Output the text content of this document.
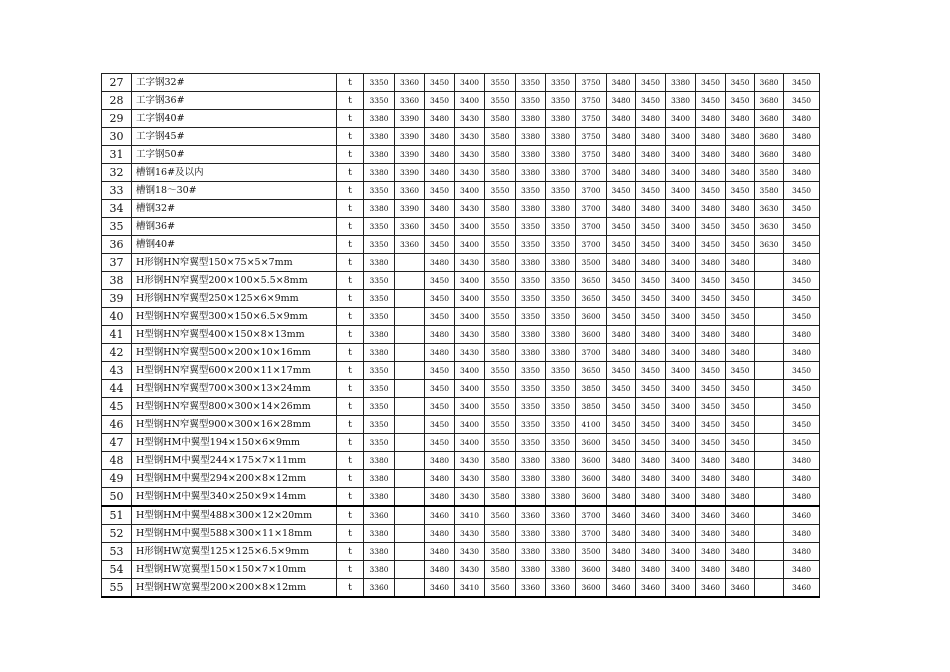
27	工字钢32#	t	3350	3360	3450	3400	3550	3350	3350	3750	3480	3450	3380	3450	3450	3680	3450
28	工字钢36#	t	3350	3360	3450	3400	3550	3350	3350	3750	3480	3450	3380	3450	3450	3680	3450
29	工字钢40#	t	3380	3390	3480	3430	3580	3380	3380	3750	3480	3480	3400	3480	3480	3680	3480
30	工字钢45#	t	3380	3390	3480	3430	3580	3380	3380	3750	3480	3480	3400	3480	3480	3680	3480
31	工字钢50#	t	3380	3390	3480	3430	3580	3380	3380	3750	3480	3480	3400	3480	3480	3680	3480
32	槽钢16#及以内	t	3380	3390	3480	3430	3580	3380	3380	3700	3480	3480	3400	3480	3480	3580	3480
33	槽钢18～30#	t	3350	3360	3450	3400	3550	3350	3350	3700	3450	3450	3400	3450	3450	3580	3450
34	槽钢32#	t	3380	3390	3480	3430	3580	3380	3380	3700	3480	3480	3400	3480	3480	3630	3450
35	槽钢36#	t	3350	3360	3450	3400	3550	3350	3350	3700	3450	3450	3400	3450	3450	3630	3450
36	槽钢40#	t	3350	3360	3450	3400	3550	3350	3350	3700	3450	3450	3400	3450	3450	3630	3450
37	H形钢HN窄翼型150×75×5×7mm	t	3380		3480	3430	3580	3380	3380	3500	3480	3480	3400	3480	3480		3480
38	H形钢HN窄翼型200×100×5.5×8mm	t	3350		3450	3400	3550	3350	3350	3650	3450	3450	3400	3450	3450		3450
39	H形钢HN窄翼型250×125×6×9mm	t	3350		3450	3400	3550	3350	3350	3650	3450	3450	3400	3450	3450		3450
40	H型钢HN窄翼型300×150×6.5×9mm	t	3350		3450	3400	3550	3350	3350	3600	3450	3450	3400	3450	3450		3450
41	H型钢HN窄翼型400×150×8×13mm	t	3380		3480	3430	3580	3380	3380	3600	3480	3480	3400	3480	3480		3480
42	H型钢HN窄翼型500×200×10×16mm	t	3380		3480	3430	3580	3380	3380	3700	3480	3480	3400	3480	3480		3480
43	H型钢HN窄翼型600×200×11×17mm	t	3350		3450	3400	3550	3350	3350	3650	3450	3450	3400	3450	3450		3450
44	H型钢HN窄翼型700×300×13×24mm	t	3350		3450	3400	3550	3350	3350	3850	3450	3450	3400	3450	3450		3450
45	H型钢HN窄翼型800×300×14×26mm	t	3350		3450	3400	3550	3350	3350	3850	3450	3450	3400	3450	3450		3450
46	H型钢HN窄翼型900×300×16×28mm	t	3350		3450	3400	3550	3350	3350	4100	3450	3450	3400	3450	3450		3450
47	H型钢HM中翼型194×150×6×9mm	t	3350		3450	3400	3550	3350	3350	3600	3450	3450	3400	3450	3450		3450
48	H型钢HM中翼型244×175×7×11mm	t	3380		3480	3430	3580	3380	3380	3600	3480	3480	3400	3480	3480		3480
49	H型钢HM中翼型294×200×8×12mm	t	3380		3480	3430	3580	3380	3380	3600	3480	3480	3400	3480	3480		3480
50	H型钢HM中翼型340×250×9×14mm	t	3380		3480	3430	3580	3380	3380	3600	3480	3480	3400	3480	3480		3480
51	H型钢HM中翼型488×300×12×20mm	t	3360		3460	3410	3560	3360	3360	3700	3460	3460	3400	3460	3460		3460
52	H型钢HM中翼型588×300×11×18mm	t	3380		3480	3430	3580	3380	3380	3700	3480	3480	3400	3480	3480		3480
53	H形钢HW宽翼型125×125×6.5×9mm	t	3380		3480	3430	3580	3380	3380	3500	3480	3480	3400	3480	3480		3480
54	H型钢HW宽翼型150×150×7×10mm	t	3380		3480	3430	3580	3380	3380	3600	3480	3480	3400	3480	3480		3480
55	H型钢HW宽翼型200×200×8×12mm	t	3360		3460	3410	3560	3360	3360	3600	3460	3460	3400	3460	3460		3460
